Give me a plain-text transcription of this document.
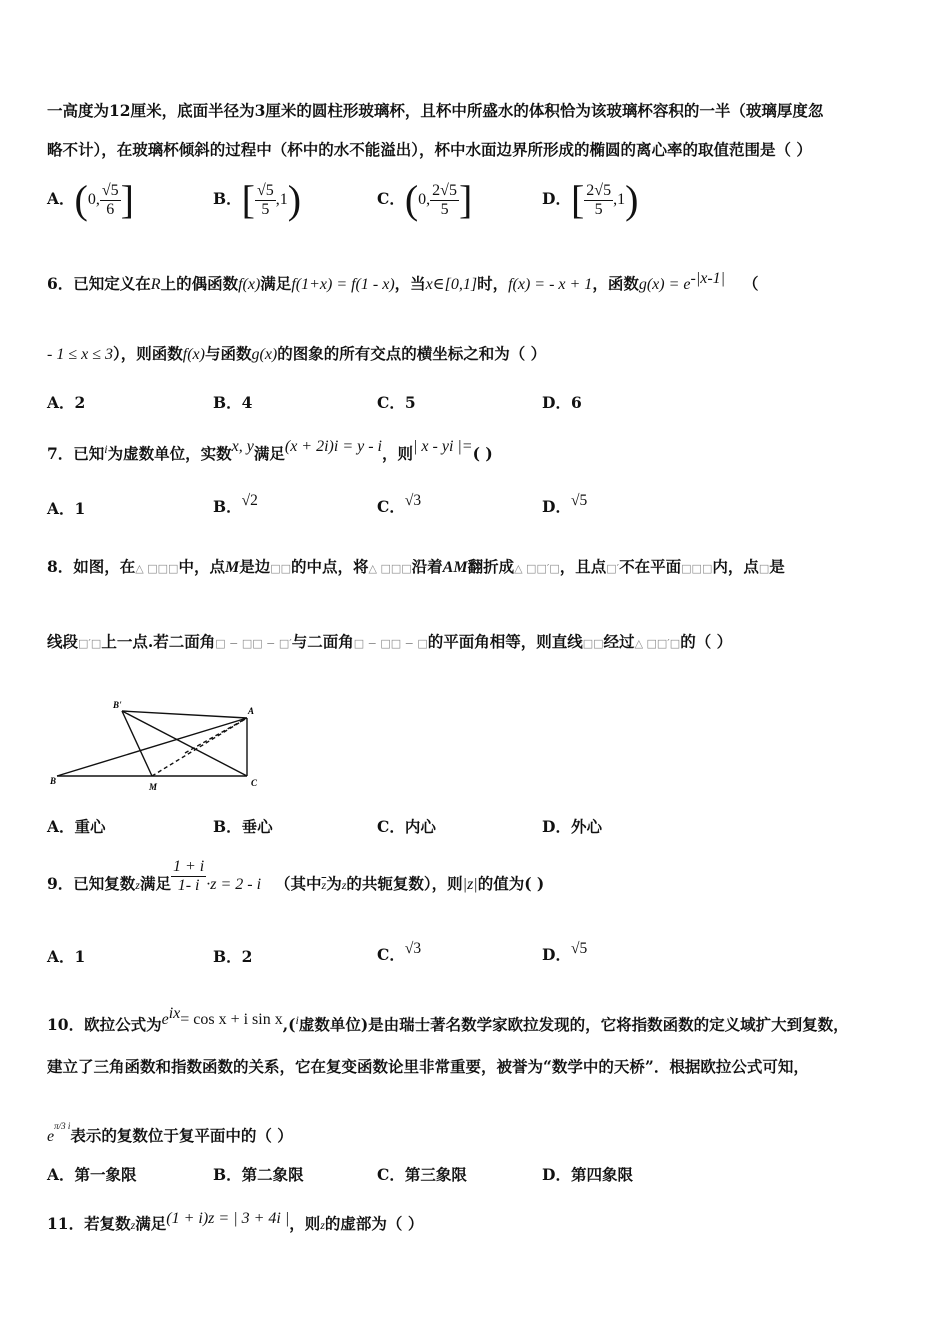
一高度为12厘米，底面半径为3厘米的圆柱形玻璃杯，且杯中所盛水的体积恰为该玻璃杯容积的一半（玻璃厚度忽
略不计），在玻璃杯倾斜的过程中（杯中的水不能溢出），杯中水面边界所形成的椭圆的离心率的取值范围是（ ）
A．(0, $\frac{√5}{6}$ ]	B．[ $\frac{√5}{5} ,1$)	C．(0, $\frac{2√5}{5}$ ]	D．[ $\frac{2√5}{5} ,1$)
6．已知定义在R上的偶函数f(x)满足f(1+x) = f(1 - x)，当x∈[0,1]时，f(x) = - x + 1，函数$g(x) = e^{-|x-1|}$ （
- 1 ≤ x ≤ 3），则函数f(x)与函数g(x)的图象的所有交点的横坐标之和为（ ）
A．2	B．4	C．5	D．6
7．已知$^i$为虚数单位，实数x, y满足(x + 2i)i = y - i，则| x - yi |=( )
A．1	B．√2	C．√3	D．√5
8．如图，在△ □□□中，点M是边□□的中点，将△ □□□沿着AM翻折成△ □□′□，且点□′不在平面□□□内，点□是
线段□′□上一点.若二面角□ − □□ − □′与二面角□ − □□ − □的平面角相等，则直线□□经过△ □□′□的（ ）
B'
A
B
M	C
A．重心	B．垂心	C．内心	D．外心
9．已知复数z满足 $\frac{1 + i}{1- i} \cdot z = 2 - i$ （其中$\overline{z}$为z的共轭复数），则|z|的值为( )
A．1	B．2	C．√3	D．√5
10．欧拉公式为$e^{ix}= \cos x + i$ sin x,($^i$虚数单位)是由瑞士著名数学家欧拉发现的，它将指数函数的定义域扩大到复数，
建立了三角函数和指数函数的关系，它在复变函数论里非常重要，被誉为“数学中的天桥”．根据欧拉公式可知，
$e^{\pi/3 i}$表示的复数位于复平面中的（ ）
A．第一象限	B．第二象限	C．第三象限	D．第四象限
11．若复数z满足(1 + i)z = | 3 + 4i |，则z的虚部为（ ）
